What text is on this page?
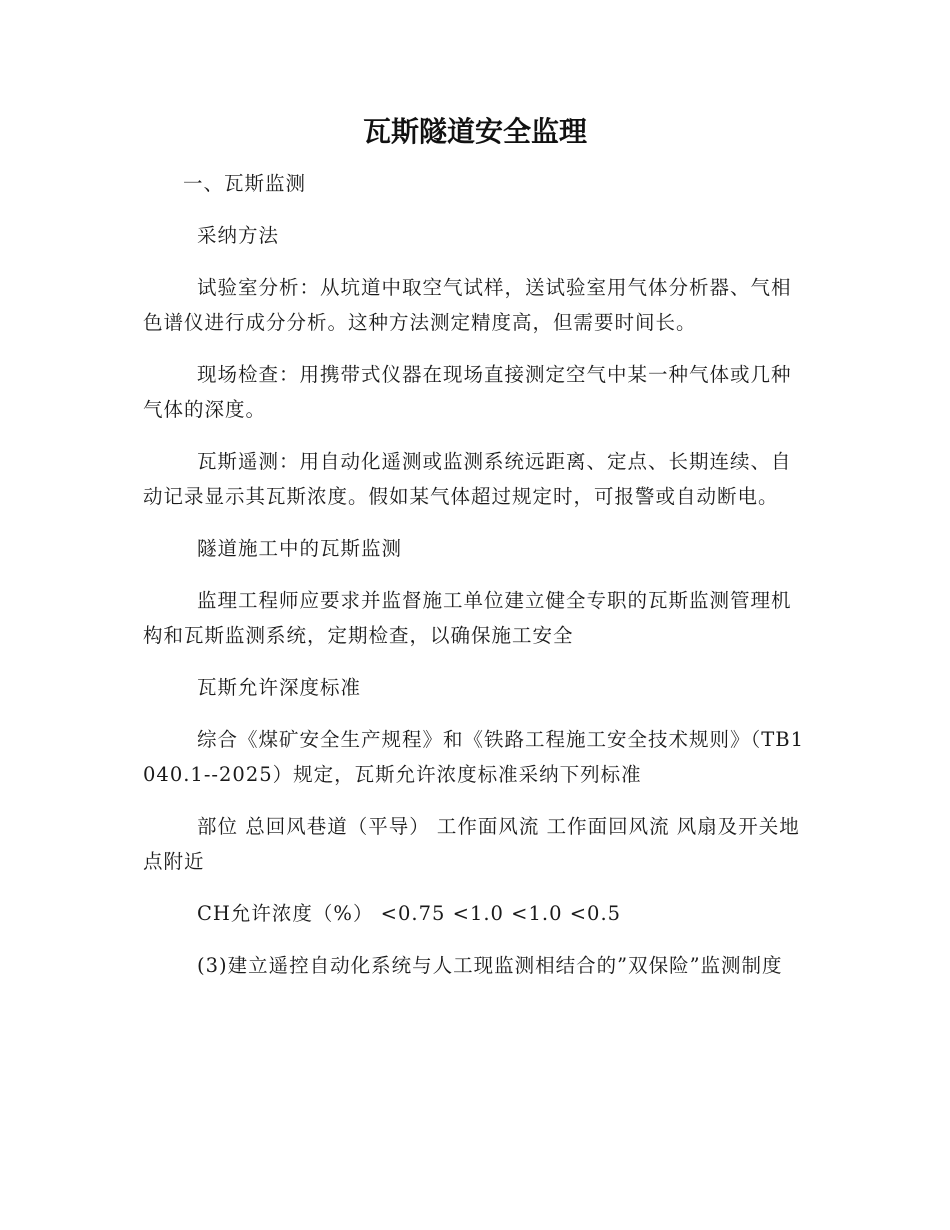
瓦斯隧道安全监理

一、瓦斯监测

采纳方法

试验室分析：从坑道中取空气试样，送试验室用气体分析器、气相色谱仪进行成分分析。这种方法测定精度高，但需要时间长。

现场检查：用携带式仪器在现场直接测定空气中某一种气体或几种气体的深度。

瓦斯遥测：用自动化遥测或监测系统远距离、定点、长期连续、自动记录显示其瓦斯浓度。假如某气体超过规定时，可报警或自动断电。

隧道施工中的瓦斯监测

监理工程师应要求并监督施工单位建立健全专职的瓦斯监测管理机构和瓦斯监测系统，定期检查，以确保施工安全

瓦斯允许深度标准

综合《煤矿安全生产规程》和《铁路工程施工安全技术规则》（TB1040.1--2025）规定，瓦斯允许浓度标准采纳下列标准

部位 总回风巷道（平导） 工作面风流 工作面回风流 风扇及开关地点附近

CH允许浓度（%） <0.75 <1.0 <1.0 <0.5

(3)建立遥控自动化系统与人工现监测相结合的”双保险”监测制度
